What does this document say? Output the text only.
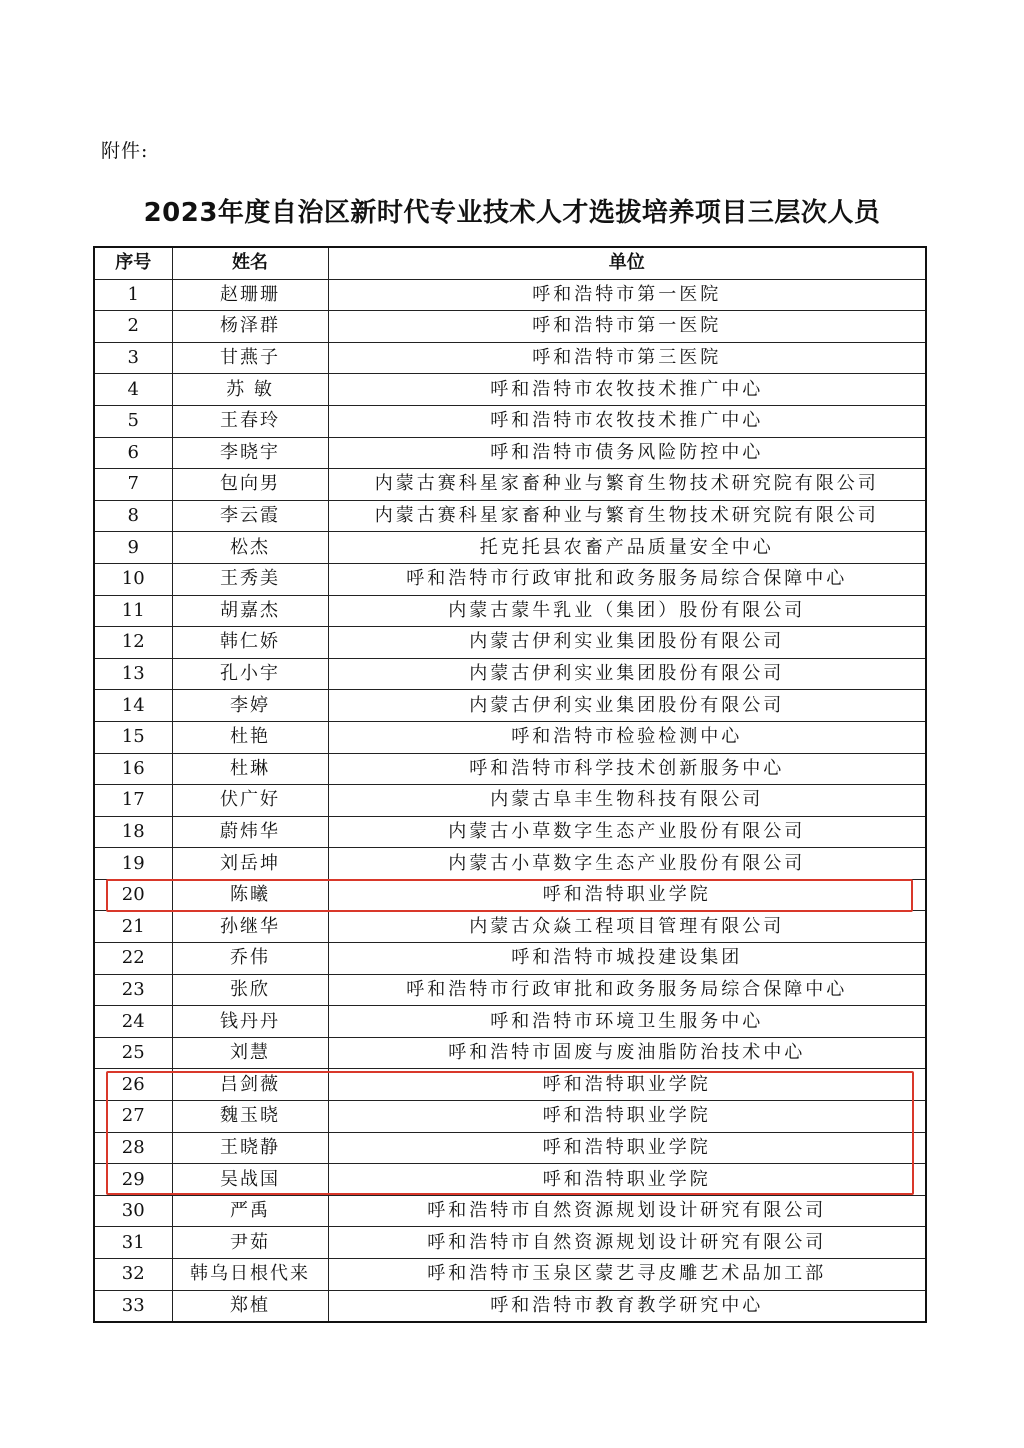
附件:
2023年度自治区新时代专业技术人才选拔培养项目三层次人员
序号	姓名	单位
1	赵珊珊	呼和浩特市第一医院
2	杨泽群	呼和浩特市第一医院
3	甘燕子	呼和浩特市第三医院
4	苏 敏	呼和浩特市农牧技术推广中心
5	王春玲	呼和浩特市农牧技术推广中心
6	李晓宇	呼和浩特市债务风险防控中心
7	包向男	内蒙古赛科星家畜种业与繁育生物技术研究院有限公司
8	李云霞	内蒙古赛科星家畜种业与繁育生物技术研究院有限公司
9	松杰	托克托县农畜产品质量安全中心
10	王秀美	呼和浩特市行政审批和政务服务局综合保障中心
11	胡嘉杰	内蒙古蒙牛乳业（集团）股份有限公司
12	韩仁娇	内蒙古伊利实业集团股份有限公司
13	孔小宇	内蒙古伊利实业集团股份有限公司
14	李婷	内蒙古伊利实业集团股份有限公司
15	杜艳	呼和浩特市检验检测中心
16	杜琳	呼和浩特市科学技术创新服务中心
17	伏广好	内蒙古阜丰生物科技有限公司
18	蔚炜华	内蒙古小草数字生态产业股份有限公司
19	刘岳坤	内蒙古小草数字生态产业股份有限公司
20	陈曦	呼和浩特职业学院
21	孙继华	内蒙古众焱工程项目管理有限公司
22	乔伟	呼和浩特市城投建设集团
23	张欣	呼和浩特市行政审批和政务服务局综合保障中心
24	钱丹丹	呼和浩特市环境卫生服务中心
25	刘慧	呼和浩特市固废与废油脂防治技术中心
26	吕剑薇	呼和浩特职业学院
27	魏玉晓	呼和浩特职业学院
28	王晓静	呼和浩特职业学院
29	吴战国	呼和浩特职业学院
30	严禹	呼和浩特市自然资源规划设计研究有限公司
31	尹茹	呼和浩特市自然资源规划设计研究有限公司
32	韩乌日根代来	呼和浩特市玉泉区蒙艺寻皮雕艺术品加工部
33	郑植	呼和浩特市教育教学研究中心
